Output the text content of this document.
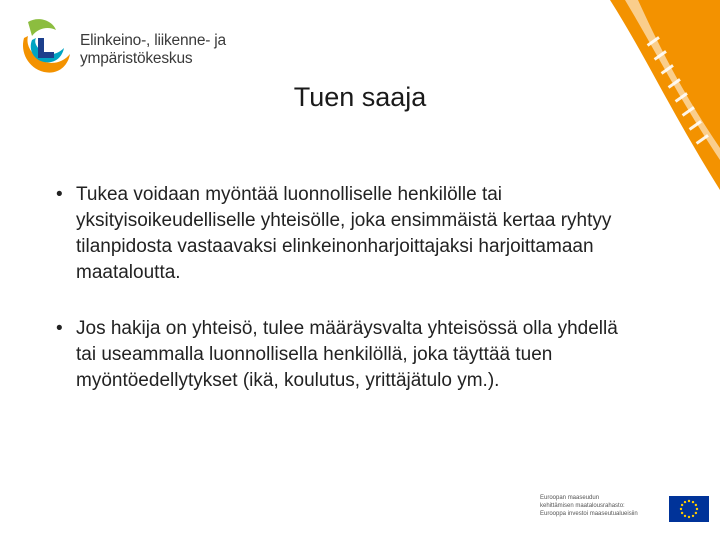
Elinkeino-, liikenne- ja
ympäristökeskus
Tuen saaja
• Tukea voidaan myöntää luonnolliselle henkilölle tai yksityisoikeudelliselle yhteisölle, joka ensimmäistä kertaa ryhtyy tilanpidosta vastaavaksi elinkeinonharjoittajaksi harjoittamaan maataloutta.
• Jos hakija on yhteisö, tulee määräysvalta yhteisössä olla yhdellä tai useammalla luonnollisella henkilöllä, joka täyttää tuen myöntöedellytykset (ikä, koulutus, yrittäjätulo ym.).
Euroopan maaseudun
kehittämisen maatalousrahasto:
Eurooppa investoi maaseutualueisiin
